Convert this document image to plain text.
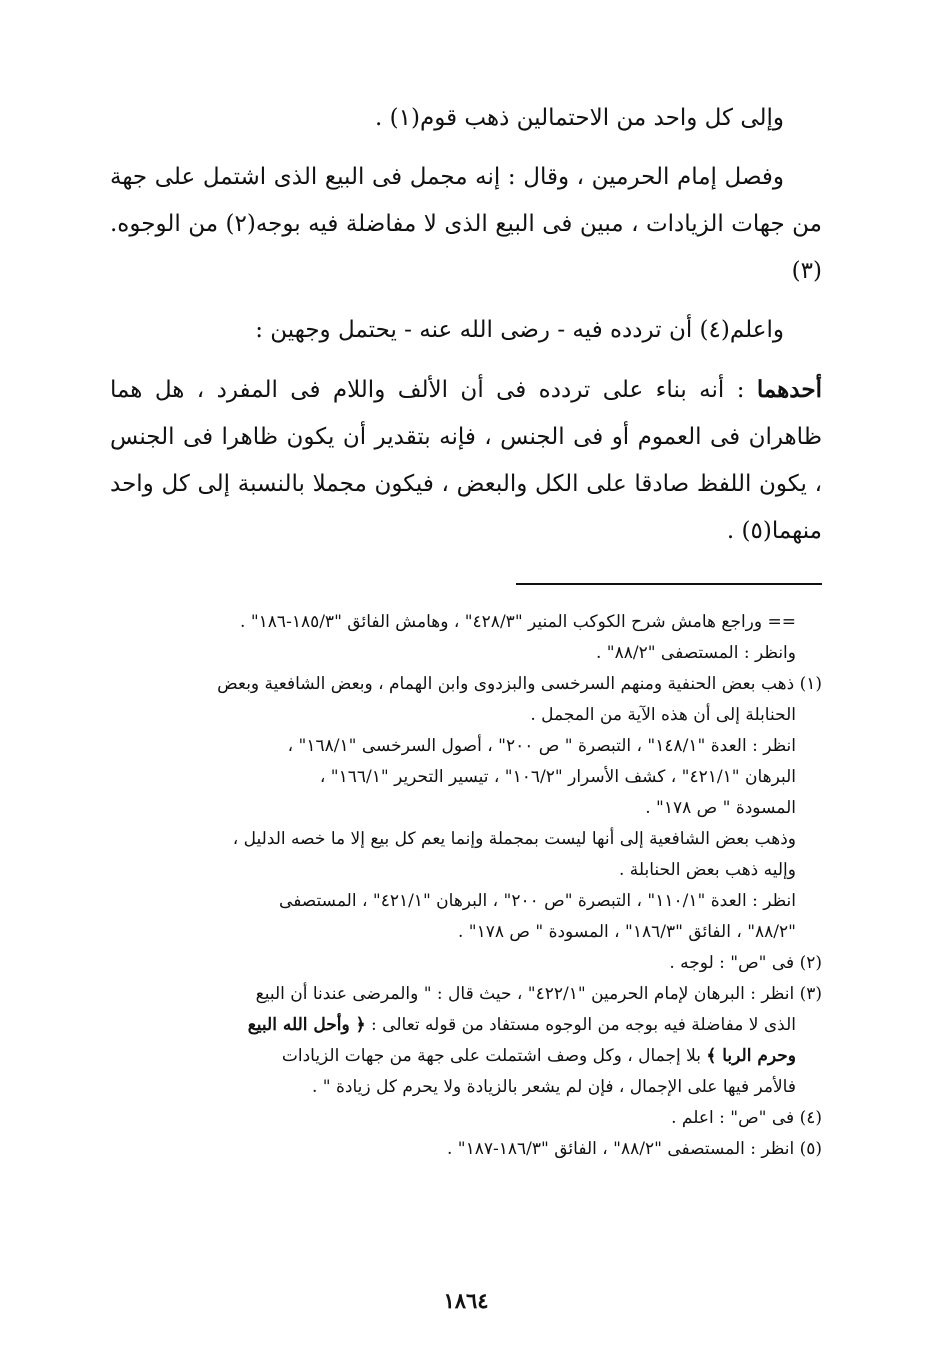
وإلى كل واحد من الاحتمالين ذهب قوم(١) .

وفصل إمام الحرمين ، وقال : إنه مجمل فى البيع الذى اشتمل على جهة من جهات الزيادات ، مبين فى البيع الذى لا مفاضلة فيه بوجه(٢) من الوجوه.(٣)

واعلم(٤) أن تردده فيه - رضى الله عنه - يحتمل وجهين :

أحدهما : أنه بناء على تردده فى أن الألف واللام فى المفرد ، هل هما ظاهران فى العموم أو فى الجنس ، فإنه بتقدير أن يكون ظاهرا فى الجنس ، يكون اللفظ صادقا على الكل والبعض ، فيكون مجملا بالنسبة إلى كل واحد منهما(٥) .

== وراجع هامش شرح الكوكب المنير "٤٢٨/٣" ، وهامش الفائق "١٨٥/٣-١٨٦" .

وانظر : المستصفى "٨٨/٢" .

(١) ذهب بعض الحنفية ومنهم السرخسى والبزدوى وابن الهمام ، وبعض الشافعية وبعض

الحنابلة إلى أن هذه الآية من المجمل .

انظر : العدة "١٤٨/١" ، التبصرة " ص ٢٠٠" ، أصول السرخسى "١٦٨/١" ،

البرهان "٤٢١/١" ، كشف الأسرار "١٠٦/٢" ، تيسير التحرير "١٦٦/١" ،

المسودة " ص ١٧٨" .

وذهب بعض الشافعية إلى أنها ليست بمجملة وإنما يعم كل بيع إلا ما خصه الدليل ،

وإليه ذهب بعض الحنابلة .

انظر : العدة "١١٠/١" ، التبصرة "ص ٢٠٠" ، البرهان "٤٢١/١" ، المستصفى

"٨٨/٢" ، الفائق "١٨٦/٣" ، المسودة " ص ١٧٨" .

(٢) فى "ص" : لوجه .

(٣) انظر : البرهان لإمام الحرمين "٤٢٢/١" ، حيث قال : " والمرضى عندنا أن البيع

الذى لا مفاضلة فيه بوجه من الوجوه مستفاد من قوله تعالى : ﴿ وأحل الله البيع

وحرم الربا ﴾ بلا إجمال ، وكل وصف اشتملت على جهة من جهات الزيادات

فالأمر فيها على الإجمال ، فإن لم يشعر بالزيادة ولا يحرم كل زيادة " .

(٤) فى "ص" : اعلم .

(٥) انظر : المستصفى "٨٨/٢" ، الفائق "١٨٦/٣-١٨٧" .

١٨٦٤
